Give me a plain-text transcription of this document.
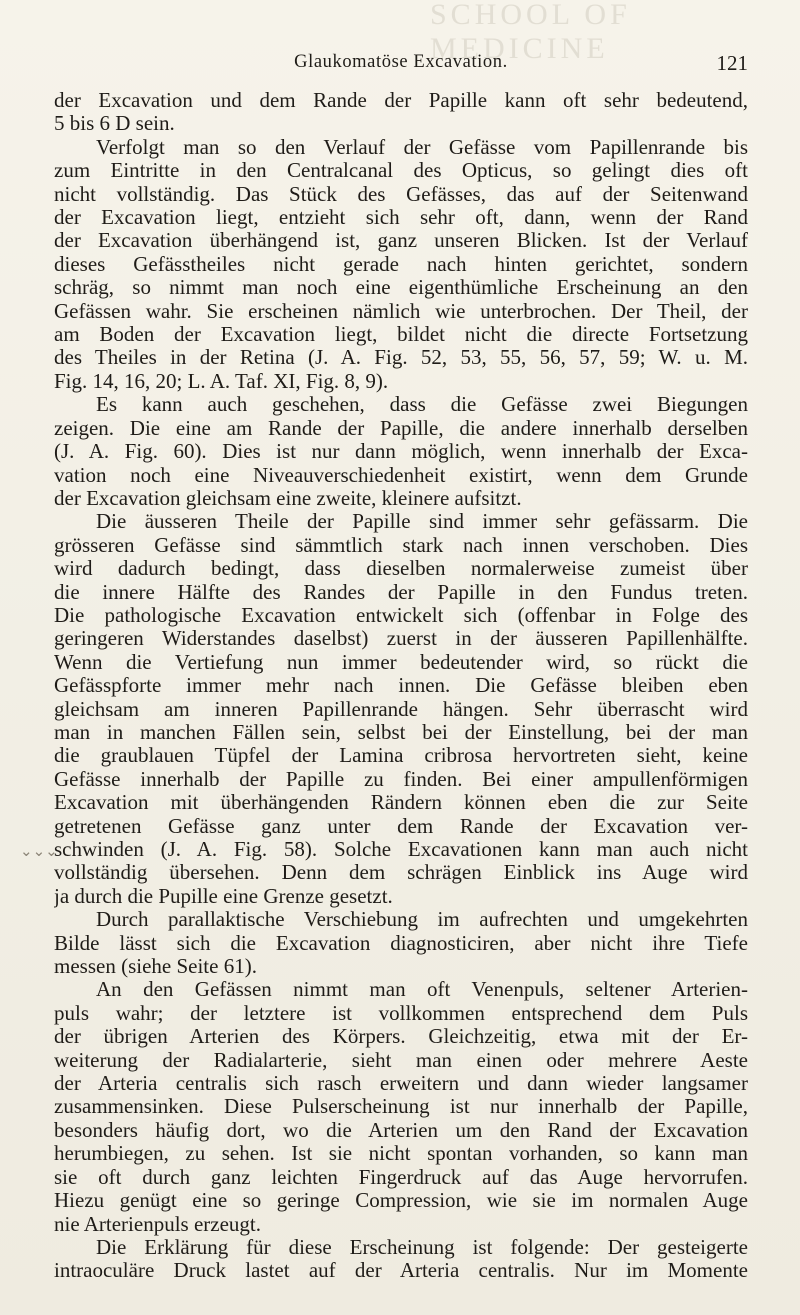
SCHOOL OF MEDICINE
Glaukomatöse Excavation.	121
⌄⌄⌄
der Excavation und dem Rande der Papille kann oft sehr bedeutend,
5 bis 6 D sein.
Verfolgt man so den Verlauf der Gefässe vom Papillenrande bis
zum Eintritte in den Centralcanal des Opticus, so gelingt dies oft
nicht vollständig. Das Stück des Gefässes, das auf der Seitenwand
der Excavation liegt, entzieht sich sehr oft, dann, wenn der Rand
der Excavation überhängend ist, ganz unseren Blicken. Ist der Verlauf
dieses Gefässtheiles nicht gerade nach hinten gerichtet, sondern
schräg, so nimmt man noch eine eigenthümliche Erscheinung an den
Gefässen wahr. Sie erscheinen nämlich wie unterbrochen. Der Theil, der
am Boden der Excavation liegt, bildet nicht die directe Fortsetzung
des Theiles in der Retina (J. A. Fig. 52, 53, 55, 56, 57, 59; W. u. M.
Fig. 14, 16, 20; L. A. Taf. XI, Fig. 8, 9).
Es kann auch geschehen, dass die Gefässe zwei Biegungen
zeigen. Die eine am Rande der Papille, die andere innerhalb derselben
(J. A. Fig. 60). Dies ist nur dann möglich, wenn innerhalb der Exca-
vation noch eine Niveauverschiedenheit existirt, wenn dem Grunde
der Excavation gleichsam eine zweite, kleinere aufsitzt.
Die äusseren Theile der Papille sind immer sehr gefässarm. Die
grösseren Gefässe sind sämmtlich stark nach innen verschoben. Dies
wird dadurch bedingt, dass dieselben normalerweise zumeist über
die innere Hälfte des Randes der Papille in den Fundus treten.
Die pathologische Excavation entwickelt sich (offenbar in Folge des
geringeren Widerstandes daselbst) zuerst in der äusseren Papillenhälfte.
Wenn die Vertiefung nun immer bedeutender wird, so rückt die
Gefässpforte immer mehr nach innen. Die Gefässe bleiben eben
gleichsam am inneren Papillenrande hängen. Sehr überrascht wird
man in manchen Fällen sein, selbst bei der Einstellung, bei der man
die graublauen Tüpfel der Lamina cribrosa hervortreten sieht, keine
Gefässe innerhalb der Papille zu finden. Bei einer ampullenförmigen
Excavation mit überhängenden Rändern können eben die zur Seite
getretenen Gefässe ganz unter dem Rande der Excavation ver-
schwinden (J. A. Fig. 58). Solche Excavationen kann man auch nicht
vollständig übersehen. Denn dem schrägen Einblick ins Auge wird
ja durch die Pupille eine Grenze gesetzt.
Durch parallaktische Verschiebung im aufrechten und umgekehrten
Bilde lässt sich die Excavation diagnosticiren, aber nicht ihre Tiefe
messen (siehe Seite 61).
An den Gefässen nimmt man oft Venenpuls, seltener Arterien-
puls wahr; der letztere ist vollkommen entsprechend dem Puls
der übrigen Arterien des Körpers. Gleichzeitig, etwa mit der Er-
weiterung der Radialarterie, sieht man einen oder mehrere Aeste
der Arteria centralis sich rasch erweitern und dann wieder langsamer
zusammensinken. Diese Pulserscheinung ist nur innerhalb der Papille,
besonders häufig dort, wo die Arterien um den Rand der Excavation
herumbiegen, zu sehen. Ist sie nicht spontan vorhanden, so kann man
sie oft durch ganz leichten Fingerdruck auf das Auge hervorrufen.
Hiezu genügt eine so geringe Compression, wie sie im normalen Auge
nie Arterienpuls erzeugt.
Die Erklärung für diese Erscheinung ist folgende: Der gesteigerte
intraoculäre Druck lastet auf der Arteria centralis. Nur im Momente
